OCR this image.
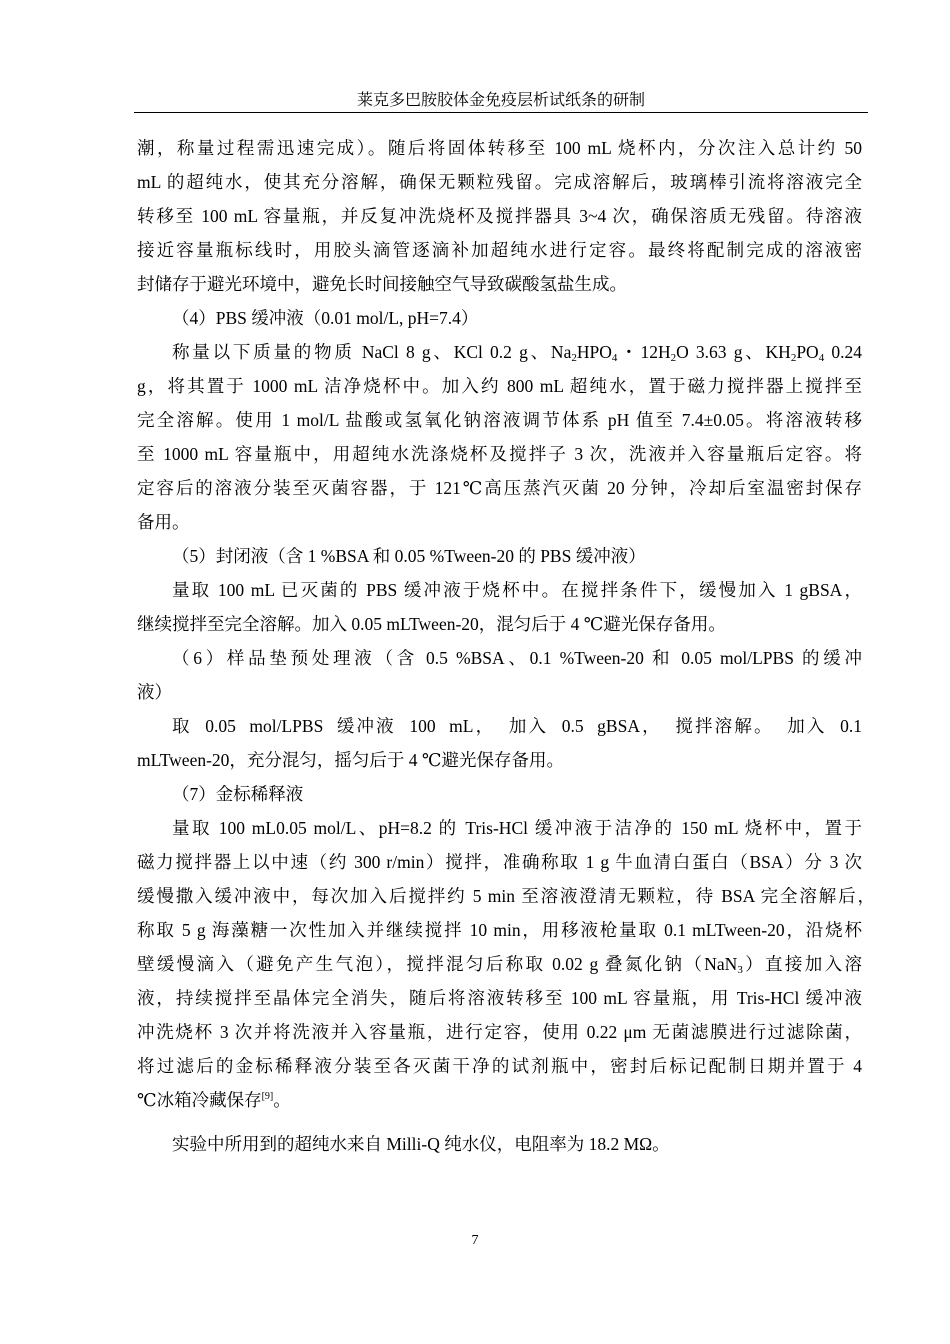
莱克多巴胺胶体金免疫层析试纸条的研制
潮，称量过程需迅速完成）。随后将固体转移至 100 mL 烧杯内，分次注入总计约 50
mL 的超纯水，使其充分溶解，确保无颗粒残留。完成溶解后，玻璃棒引流将溶液完全
转移至 100 mL 容量瓶，并反复冲洗烧杯及搅拌器具 3~4 次，确保溶质无残留。待溶液
接近容量瓶标线时，用胶头滴管逐滴补加超纯水进行定容。最终将配制完成的溶液密
封储存于避光环境中，避免长时间接触空气导致碳酸氢盐生成。
（4）PBS 缓冲液（0.01 mol/L, pH=7.4）
称量以下质量的物质 NaCl 8 g、KCl 0.2 g、$Na_2HPO_4$・$12H_2O$ 3.63 g、$KH_2PO_4$ 0.24
g，将其置于 1000 mL 洁净烧杯中。加入约 800 mL 超纯水，置于磁力搅拌器上搅拌至
完全溶解。使用 1 mol/L 盐酸或氢氧化钠溶液调节体系 pH 值至 7.4±0.05。将溶液转移
至 1000 mL 容量瓶中，用超纯水洗涤烧杯及搅拌子 3 次，洗液并入容量瓶后定容。将
定容后的溶液分装至灭菌容器，于 121℃高压蒸汽灭菌 20 分钟，冷却后室温密封保存
备用。
（5）封闭液（含 1 %BSA 和 0.05 %Tween-20 的 PBS 缓冲液）
量取 100 mL 已灭菌的 PBS 缓冲液于烧杯中。在搅拌条件下，缓慢加入 1 gBSA，
继续搅拌至完全溶解。加入 0.05 mLTween-20，混匀后于 4 ℃避光保存备用。
（6）样品垫预处理液（含 0.5 %BSA、0.1 %Tween-20 和 0.05 mol/LPBS 的缓冲
液）
取 0.05 mol/LPBS 缓冲液 100 mL， 加入 0.5 gBSA， 搅拌溶解。 加入 0.1
mLTween-20，充分混匀，摇匀后于 4 ℃避光保存备用。
（7）金标稀释液
量取 100 mL0.05 mol/L、pH=8.2 的 Tris-HCl 缓冲液于洁净的 150 mL 烧杯中，置于
磁力搅拌器上以中速（约 300 r/min）搅拌，准确称取 1 g 牛血清白蛋白（BSA）分 3 次
缓慢撒入缓冲液中，每次加入后搅拌约 5 min 至溶液澄清无颗粒，待 BSA 完全溶解后，
称取 5 g 海藻糖一次性加入并继续搅拌 10 min，用移液枪量取 0.1 mLTween-20，沿烧杯
壁缓慢滴入（避免产生气泡），搅拌混匀后称取 0.02 g 叠氮化钠（NaN$_3$）直接加入溶
液，持续搅拌至晶体完全消失，随后将溶液转移至 100 mL 容量瓶，用 Tris-HCl 缓冲液
冲洗烧杯 3 次并将洗液并入容量瓶，进行定容，使用 0.22 μm 无菌滤膜进行过滤除菌，
将过滤后的金标稀释液分装至各灭菌干净的试剂瓶中，密封后标记配制日期并置于 4
℃冰箱冷藏保存[9]。
实验中所用到的超纯水来自 Milli-Q 纯水仪，电阻率为 18.2 MΩ。
7
